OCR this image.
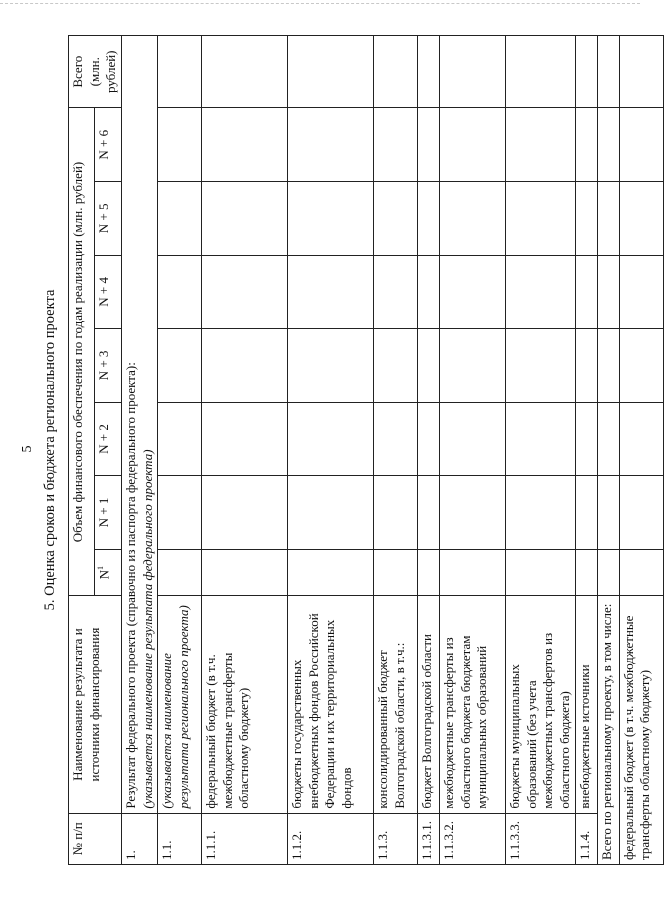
5 5. Оценка сроков и бюджета регионального проекта
№ п/п	Наименование результата и источники финансирования	Объем финансового обеспечения по годам реализации (млн. рублей)							Всего (млн. рублей)
		$N^1$	N + 1	N + 2	N + 3	N + 4	N + 5	N + 6	
1.	Результат федерального проекта (справочно из паспорта федерального проекта): (указывается наименование результата федерального проекта)								
1.1.	(указывается наименование результата регионального проекта)								
1.1.1.	федеральный бюджет (в т.ч. межбюджетные трансферты областному бюджету)								
1.1.2.	бюджеты государственных внебюджетных фондов Российской Федерации и их территориальных фондов								
1.1.3.	консолидированный бюджет Волгоградской области, в т.ч.:								
1.1.3.1.	бюджет Волгоградской области								
1.1.3.2.	межбюджетные трансферты из областного бюджета бюджетам муниципальных образований								
1.1.3.3.	бюджеты муниципальных образований (без учета межбюджетных трансфертов из областного бюджета)								
1.1.4.	внебюджетные источники								
Всего по региональному проекту, в том числе:									
федеральный бюджет (в т.ч. межбюджетные трансферты областному бюджету)									
